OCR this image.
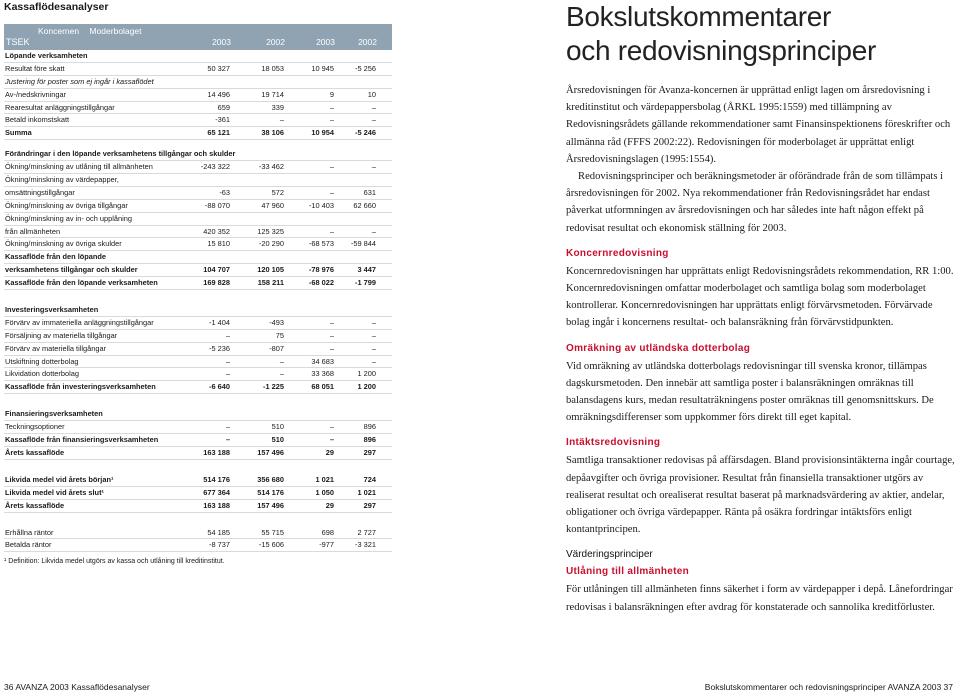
Kassaflödesanalyser
Koncernen Moderbolaget
TSEK	2003	2002	2003	2002
Löpande verksamheten
Resultat före skatt	50 327	18 053	10 945	-5 256
Justering för poster som ej ingår i kassaflödet
Av-/nedskrivningar	14 496	19 714	9	10
Rearesultat anläggningstillgångar	659	339	–	–
Betald inkomstskatt	-361	–	–	–
Summa	65 121	38 106	10 954	-5 246
Förändringar i den löpande verksamhetens tillgångar och skulder
Ökning/minskning av utlåning till allmänheten	-243 322	-33 462	–	–
Ökning/minskning av värdepapper,
omsättningstillgångar	-63	572	–	631
Ökning/minskning av övriga tillgångar	-88 070	47 960	-10 403	62 660
Ökning/minskning av in- och upplåning
från allmänheten	420 352	125 325	–	–
Ökning/minskning av övriga skulder	15 810	-20 290	-68 573	-59 844
Kassaflöde från den löpande
verksamhetens tillgångar och skulder	104 707	120 105	-78 976	3 447
Kassaflöde från den löpande verksamheten	169 828	158 211	-68 022	-1 799
Investeringsverksamheten
Förvärv av immateriella anläggningstillgångar	-1 404	-493	–	–
Försäljning av materiella tillgångar	–	75	–	–
Förvärv av materiella tillgångar	-5 236	-807	–	–
Utskiftning dotterbolag	–	–	34 683	–
Likvidation dotterbolag	–	–	33 368	1 200
Kassaflöde från investeringsverksamheten	-6 640	-1 225	68 051	1 200
Finansieringsverksamheten
Teckningsoptioner	–	510	–	896
Kassaflöde från finansieringsverksamheten	–	510	–	896
Årets kassaflöde	163 188	157 496	29	297
Likvida medel vid årets början¹	514 176	356 680	1 021	724
Likvida medel vid årets slut¹	677 364	514 176	1 050	1 021
Årets kassaflöde	163 188	157 496	29	297
Erhållna räntor	54 185	55 715	698	2 727
Betalda räntor	-8 737	-15 606	-977	-3 321
¹ Definition: Likvida medel utgörs av kassa och utlåning till kreditinstitut.
36 AVANZA 2003 Kassaflödesanalyser
Bokslutskommentarer
och redovisningsprinciper

Årsredovisningen för Avanza-koncernen är upprättad enligt lagen om årsredovisning i kreditinstitut och värdepappersbolag (ÅRKL 1995:1559) med tillämpning av Redovisningsrådets gällande rekommendationer samt Finansinspektionens föreskrifter och allmänna råd (FFFS 2002:22). Redovisningen för moderbolaget är upprättat enligt Årsredovisningslagen (1995:1554).

Redovisningsprinciper och beräkningsmetoder är oförändrade från de som tillämpats i årsredovisningen för 2002. Nya rekommendationer från Redovisningsrådet har endast påverkat utformningen av årsredovisningen och har således inte haft någon effekt på redovisat resultat och ekonomisk ställning för 2003.

Koncernredovisning

Koncernredovisningen har upprättats enligt Redovisningsrådets rekommendation, RR 1:00. Koncernredovisningen omfattar moderbolaget och samtliga bolag som moderbolaget kontrollerar. Koncernredovisningen har upprättats enligt förvärvsmetoden. Förvärvade bolag ingår i koncernens resultat- och balansräkning från förvärvstidpunkten.

Omräkning av utländska dotterbolag

Vid omräkning av utländska dotterbolags redovisningar till svenska kronor, tillämpas dagskursmetoden. Den innebär att samtliga poster i balansräkningen omräknas till balansdagens kurs, medan resultaträkningens poster omräknas till genomsnittskurs. De omräkningsdifferenser som uppkommer förs direkt till eget kapital.

Intäktsredovisning

Samtliga transaktioner redovisas på affärsdagen. Bland provisionsintäkterna ingår courtage, depåavgifter och övriga provisioner. Resultat från finansiella transaktioner utgörs av realiserat resultat och orealiserat resultat baserat på marknadsvärdering av aktier, andelar, obligationer och övriga värdepapper. Ränta på osäkra fordringar intäktsförs enligt kontantprincipen.

Värderingsprinciper
Utlåning till allmänheten

För utlåningen till allmänheten finns säkerhet i form av värdepapper i depå. Lånefordringar redovisas i balansräkningen efter avdrag för konstaterade och sannolika kreditförluster.

Bokslutskommentarer och redovisningsprinciper AVANZA 2003 37
